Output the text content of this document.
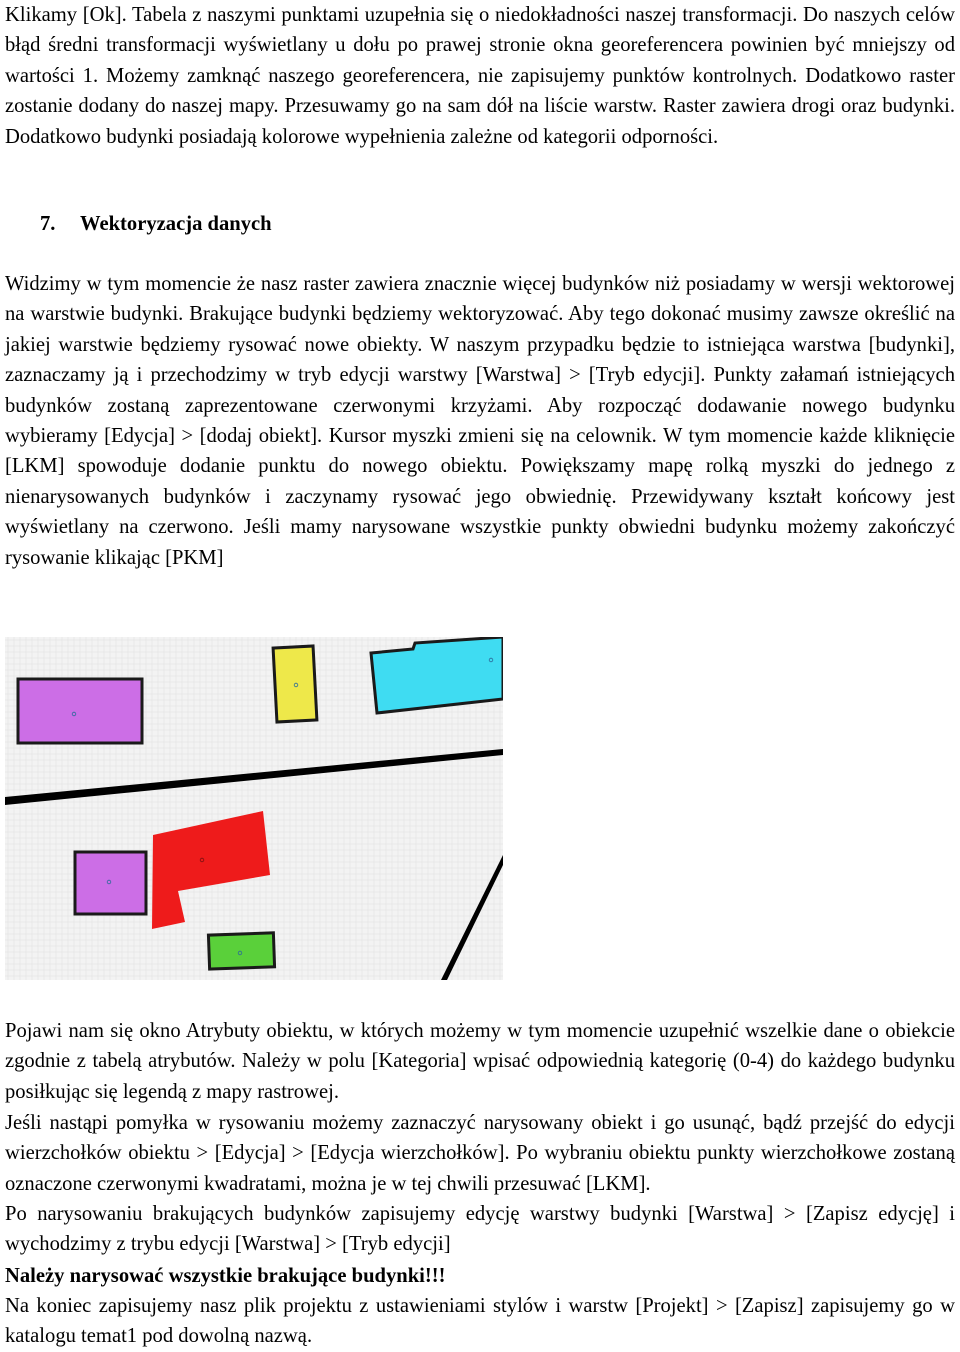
Klikamy [Ok]. Tabela z naszymi punktami uzupełnia się o niedokładności naszej transformacji. Do naszych celów błąd średni transformacji wyświetlany u dołu po prawej stronie okna georeferencera powinien być mniejszy od wartości 1. Możemy zamknąć naszego georeferencera, nie zapisujemy punktów kontrolnych. Dodatkowo raster zostanie dodany do naszej mapy. Przesuwamy go na sam dół na liście warstw. Raster zawiera drogi oraz budynki. Dodatkowo budynki posiadają kolorowe wypełnienia zależne od kategorii odporności.

7. Wektoryzacja danych

Widzimy w tym momencie że nasz raster zawiera znacznie więcej budynków niż posiadamy w wersji wektorowej na warstwie budynki. Brakujące budynki będziemy wektoryzować. Aby tego dokonać musimy zawsze określić na jakiej warstwie będziemy rysować nowe obiekty. W naszym przypadku będzie to istniejąca warstwa [budynki], zaznaczamy ją i przechodzimy w tryb edycji warstwy [Warstwa] > [Tryb edycji]. Punkty załamań istniejących budynków zostaną zaprezentowane czerwonymi krzyżami. Aby rozpocząć dodawanie nowego budynku wybieramy [Edycja] > [dodaj obiekt]. Kursor myszki zmieni się na celownik. W tym momencie każde kliknięcie [LKM] spowoduje dodanie punktu do nowego obiektu. Powiększamy mapę rolką myszki do jednego z nienarysowanych budynków i zaczynamy rysować jego obwiednię. Przewidywany kształt końcowy jest wyświetlany na czerwono. Jeśli mamy narysowane wszystkie punkty obwiedni budynku możemy zakończyć rysowanie klikając [PKM]

Pojawi nam się okno Atrybuty obiektu, w których możemy w tym momencie uzupełnić wszelkie dane o obiekcie zgodnie z tabelą atrybutów. Należy w polu [Kategoria] wpisać odpowiednią kategorię (0-4) do każdego budynku posiłkując się legendą z mapy rastrowej.

Jeśli nastąpi pomyłka w rysowaniu możemy zaznaczyć narysowany obiekt i go usunąć, bądź przejść do edycji wierzchołków obiektu > [Edycja] > [Edycja wierzchołków]. Po wybraniu obiektu punkty wierzchołkowe zostaną oznaczone czerwonymi kwadratami, można je w tej chwili przesuwać [LKM].

Po narysowaniu brakujących budynków zapisujemy edycję warstwy budynki [Warstwa] > [Zapisz edycję] i wychodzimy z trybu edycji [Warstwa] > [Tryb edycji]

Należy narysować wszystkie brakujące budynki!!!

Na koniec zapisujemy nasz plik projektu z ustawieniami stylów i warstw [Projekt] > [Zapisz] zapisujemy go w katalogu temat1 pod dowolną nazwą.
